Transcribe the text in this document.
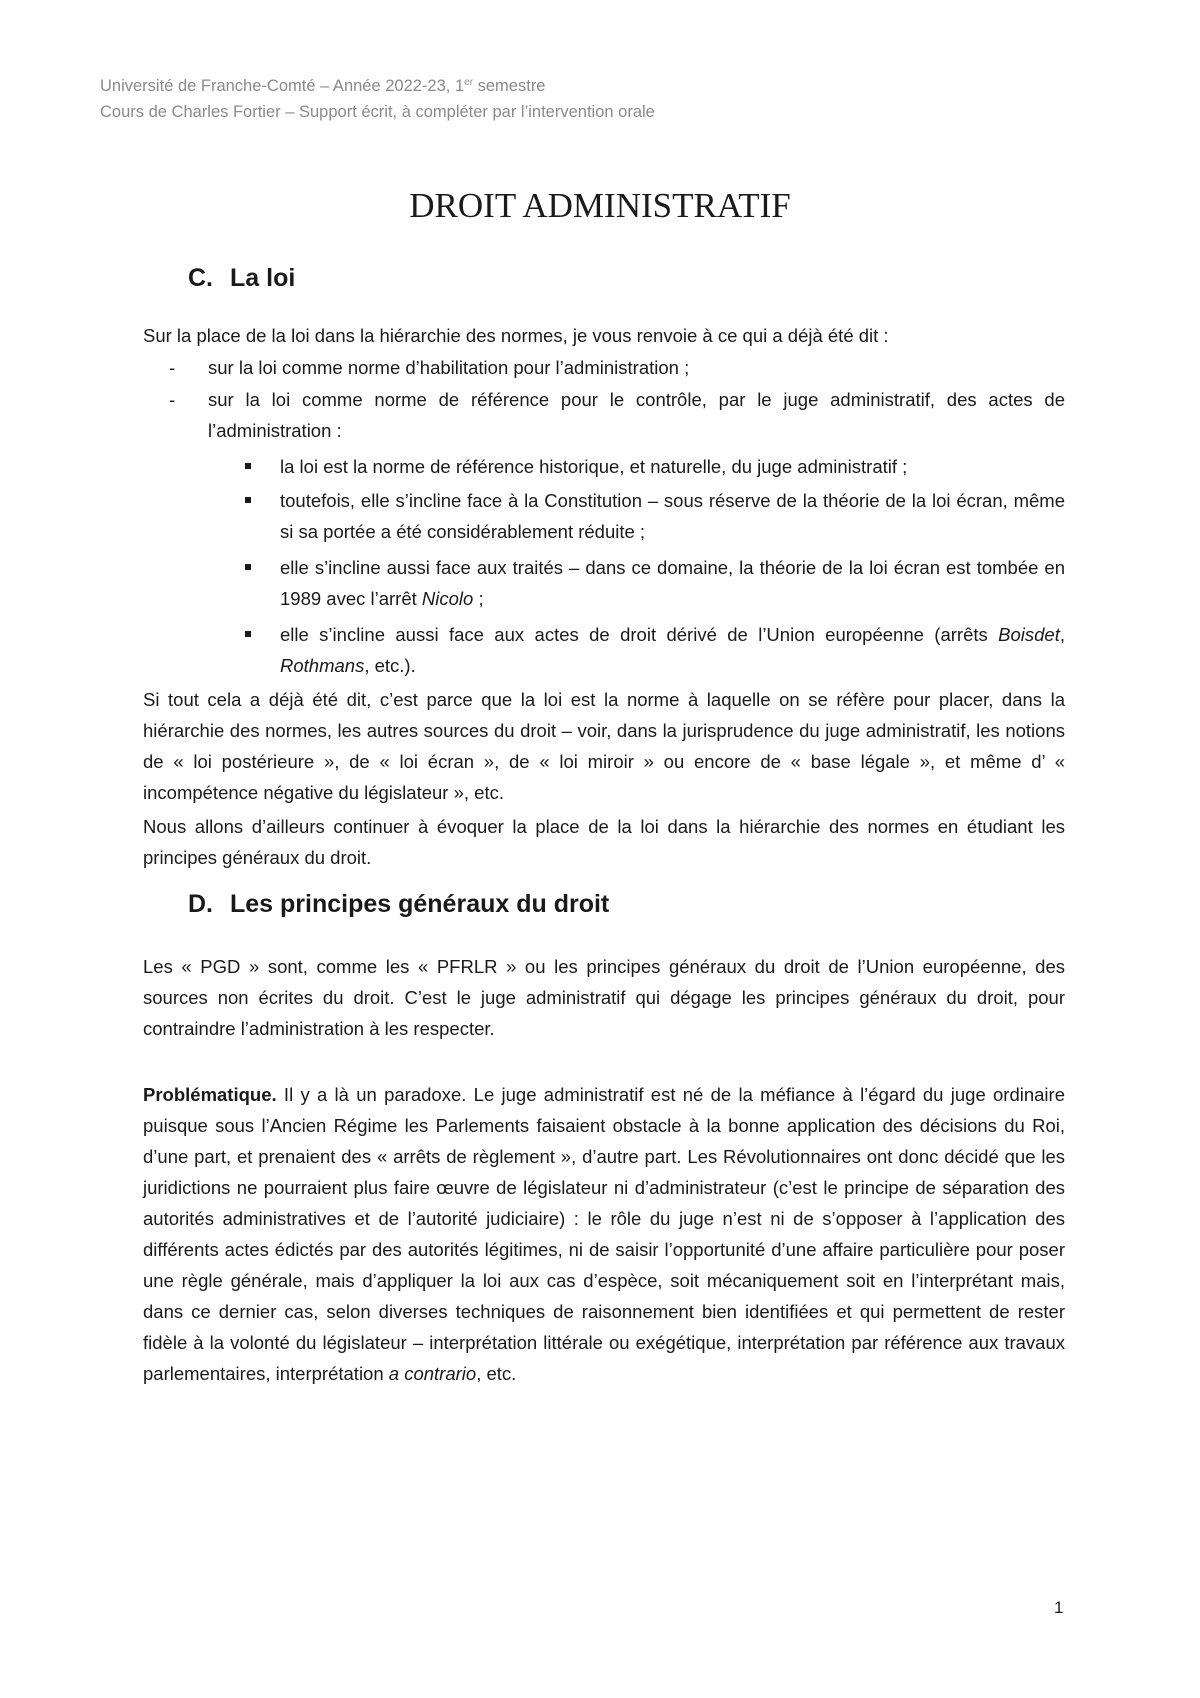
Université de Franche-Comté – Année 2022-23, 1er semestre
Cours de Charles Fortier – Support écrit, à compléter par l’intervention orale
DROIT ADMINISTRATIF
C. La loi

Sur la place de la loi dans la hiérarchie des normes, je vous renvoie à ce qui a déjà été dit :

- sur la loi comme norme d’habilitation pour l’administration ;
- sur la loi comme norme de référence pour le contrôle, par le juge administratif, des actes de l’administration :
la loi est la norme de référence historique, et naturelle, du juge administratif ;
toutefois, elle s’incline face à la Constitution – sous réserve de la théorie de la loi écran, même si sa portée a été considérablement réduite ;
elle s’incline aussi face aux traités – dans ce domaine, la théorie de la loi écran est tombée en 1989 avec l’arrêt Nicolo ;
elle s’incline aussi face aux actes de droit dérivé de l’Union européenne (arrêts Boisdet, Rothmans, etc.).

Si tout cela a déjà été dit, c’est parce que la loi est la norme à laquelle on se réfère pour placer, dans la hiérarchie des normes, les autres sources du droit – voir, dans la jurisprudence du juge administratif, les notions de « loi postérieure », de « loi écran », de « loi miroir » ou encore de « base légale », et même d’ « incompétence négative du législateur », etc.

Nous allons d’ailleurs continuer à évoquer la place de la loi dans la hiérarchie des normes en étudiant les principes généraux du droit.

D. Les principes généraux du droit

Les « PGD » sont, comme les « PFRLR » ou les principes généraux du droit de l’Union européenne, des sources non écrites du droit. C’est le juge administratif qui dégage les principes généraux du droit, pour contraindre l’administration à les respecter.

Problématique. Il y a là un paradoxe. Le juge administratif est né de la méfiance à l’égard du juge ordinaire puisque sous l’Ancien Régime les Parlements faisaient obstacle à la bonne application des décisions du Roi, d’une part, et prenaient des « arrêts de règlement », d’autre part. Les Révolutionnaires ont donc décidé que les juridictions ne pourraient plus faire œuvre de législateur ni d’administrateur (c’est le principe de séparation des autorités administratives et de l’autorité judiciaire) : le rôle du juge n’est ni de s’opposer à l’application des différents actes édictés par des autorités légitimes, ni de saisir l’opportunité d’une affaire particulière pour poser une règle générale, mais d’appliquer la loi aux cas d’espèce, soit mécaniquement soit en l’interprétant mais, dans ce dernier cas, selon diverses techniques de raisonnement bien identifiées et qui permettent de rester fidèle à la volonté du législateur – interprétation littérale ou exégétique, interprétation par référence aux travaux parlementaires, interprétation a contrario, etc.

1
